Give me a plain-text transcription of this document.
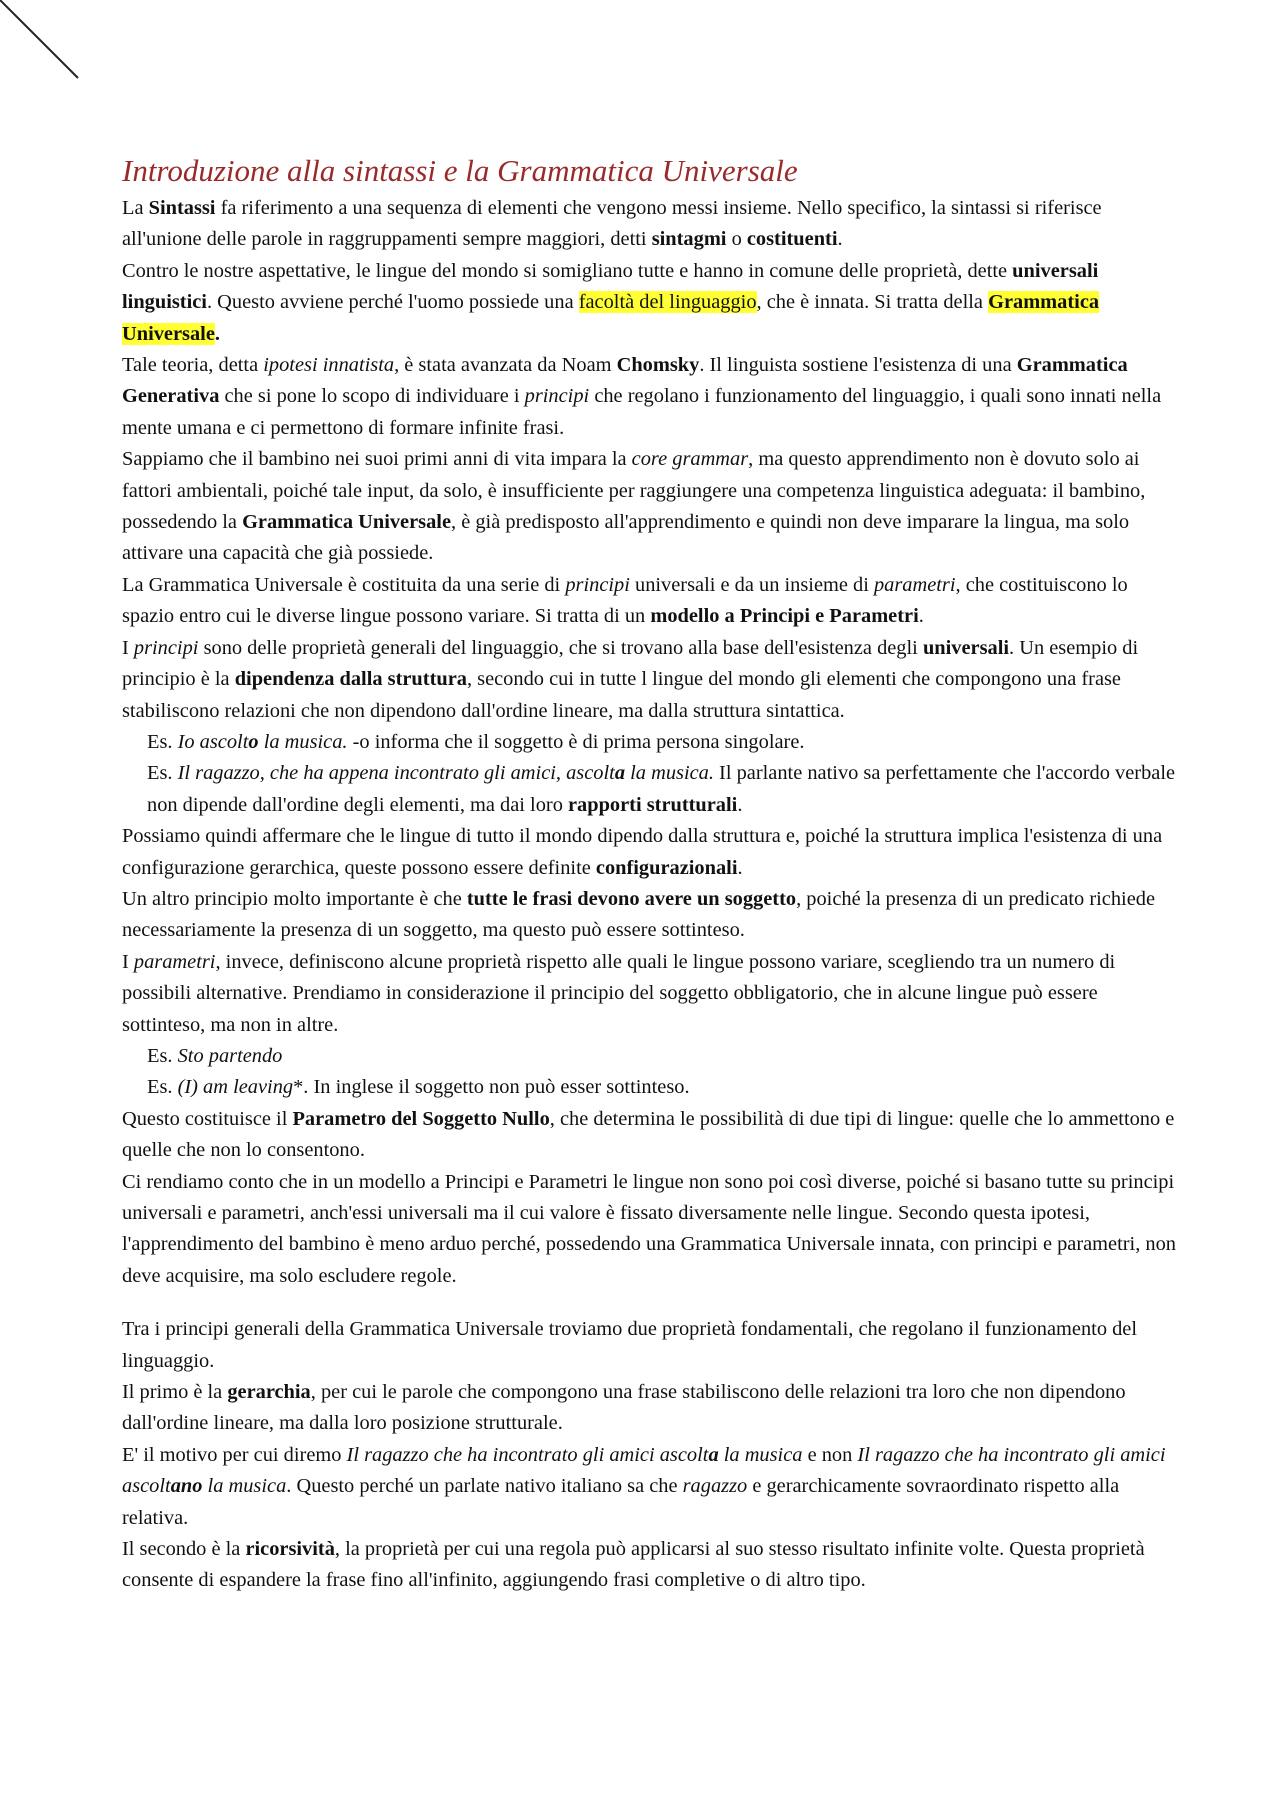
Introduzione alla sintassi e la Grammatica Universale

La Sintassi fa riferimento a una sequenza di elementi che vengono messi insieme. Nello specifico, la sintassi si riferisce all'unione delle parole in raggruppamenti sempre maggiori, detti sintagmi o costituenti.

Contro le nostre aspettative, le lingue del mondo si somigliano tutte e hanno in comune delle proprietà, dette universali linguistici. Questo avviene perché l'uomo possiede una facoltà del linguaggio, che è innata. Si tratta della Grammatica Universale.

Tale teoria, detta ipotesi innatista, è stata avanzata da Noam Chomsky. Il linguista sostiene l'esistenza di una Grammatica Generativa che si pone lo scopo di individuare i principi che regolano i funzionamento del linguaggio, i quali sono innati nella mente umana e ci permettono di formare infinite frasi.

Sappiamo che il bambino nei suoi primi anni di vita impara la core grammar, ma questo apprendimento non è dovuto solo ai fattori ambientali, poiché tale input, da solo, è insufficiente per raggiungere una competenza linguistica adeguata: il bambino, possedendo la Grammatica Universale, è già predisposto all'apprendimento e quindi non deve imparare la lingua, ma solo attivare una capacità che già possiede.

La Grammatica Universale è costituita da una serie di principi universali e da un insieme di parametri, che costituiscono lo spazio entro cui le diverse lingue possono variare. Si tratta di un modello a Principi e Parametri.

I principi sono delle proprietà generali del linguaggio, che si trovano alla base dell'esistenza degli universali. Un esempio di principio è la dipendenza dalla struttura, secondo cui in tutte l lingue del mondo gli elementi che compongono una frase stabiliscono relazioni che non dipendono dall'ordine lineare, ma dalla struttura sintattica.

Es. Io ascolto la musica. -o informa che il soggetto è di prima persona singolare.

Es. Il ragazzo, che ha appena incontrato gli amici, ascolta la musica. Il parlante nativo sa perfettamente che l'accordo verbale non dipende dall'ordine degli elementi, ma dai loro rapporti strutturali.

Possiamo quindi affermare che le lingue di tutto il mondo dipendo dalla struttura e, poiché la struttura implica l'esistenza di una configurazione gerarchica, queste possono essere definite configurazionali.

Un altro principio molto importante è che tutte le frasi devono avere un soggetto, poiché la presenza di un predicato richiede necessariamente la presenza di un soggetto, ma questo può essere sottinteso.

I parametri, invece, definiscono alcune proprietà rispetto alle quali le lingue possono variare, scegliendo tra un numero di possibili alternative. Prendiamo in considerazione il principio del soggetto obbligatorio, che in alcune lingue può essere sottinteso, ma non in altre.

Es. Sto partendo

Es. (I) am leaving*. In inglese il soggetto non può esser sottinteso.

Questo costituisce il Parametro del Soggetto Nullo, che determina le possibilità di due tipi di lingue: quelle che lo ammettono e quelle che non lo consentono.

Ci rendiamo conto che in un modello a Principi e Parametri le lingue non sono poi così diverse, poiché si basano tutte su principi universali e parametri, anch'essi universali ma il cui valore è fissato diversamente nelle lingue. Secondo questa ipotesi, l'apprendimento del bambino è meno arduo perché, possedendo una Grammatica Universale innata, con principi e parametri, non deve acquisire, ma solo escludere regole.

Tra i principi generali della Grammatica Universale troviamo due proprietà fondamentali, che regolano il funzionamento del linguaggio.

Il primo è la gerarchia, per cui le parole che compongono una frase stabiliscono delle relazioni tra loro che non dipendono dall'ordine lineare, ma dalla loro posizione strutturale.

E' il motivo per cui diremo Il ragazzo che ha incontrato gli amici ascolta la musica e non Il ragazzo che ha incontrato gli amici ascoltano la musica. Questo perché un parlate nativo italiano sa che ragazzo e gerarchicamente sovraordinato rispetto alla relativa.

Il secondo è la ricorsività, la proprietà per cui una regola può applicarsi al suo stesso risultato infinite volte. Questa proprietà consente di espandere la frase fino all'infinito, aggiungendo frasi completive o di altro tipo.
